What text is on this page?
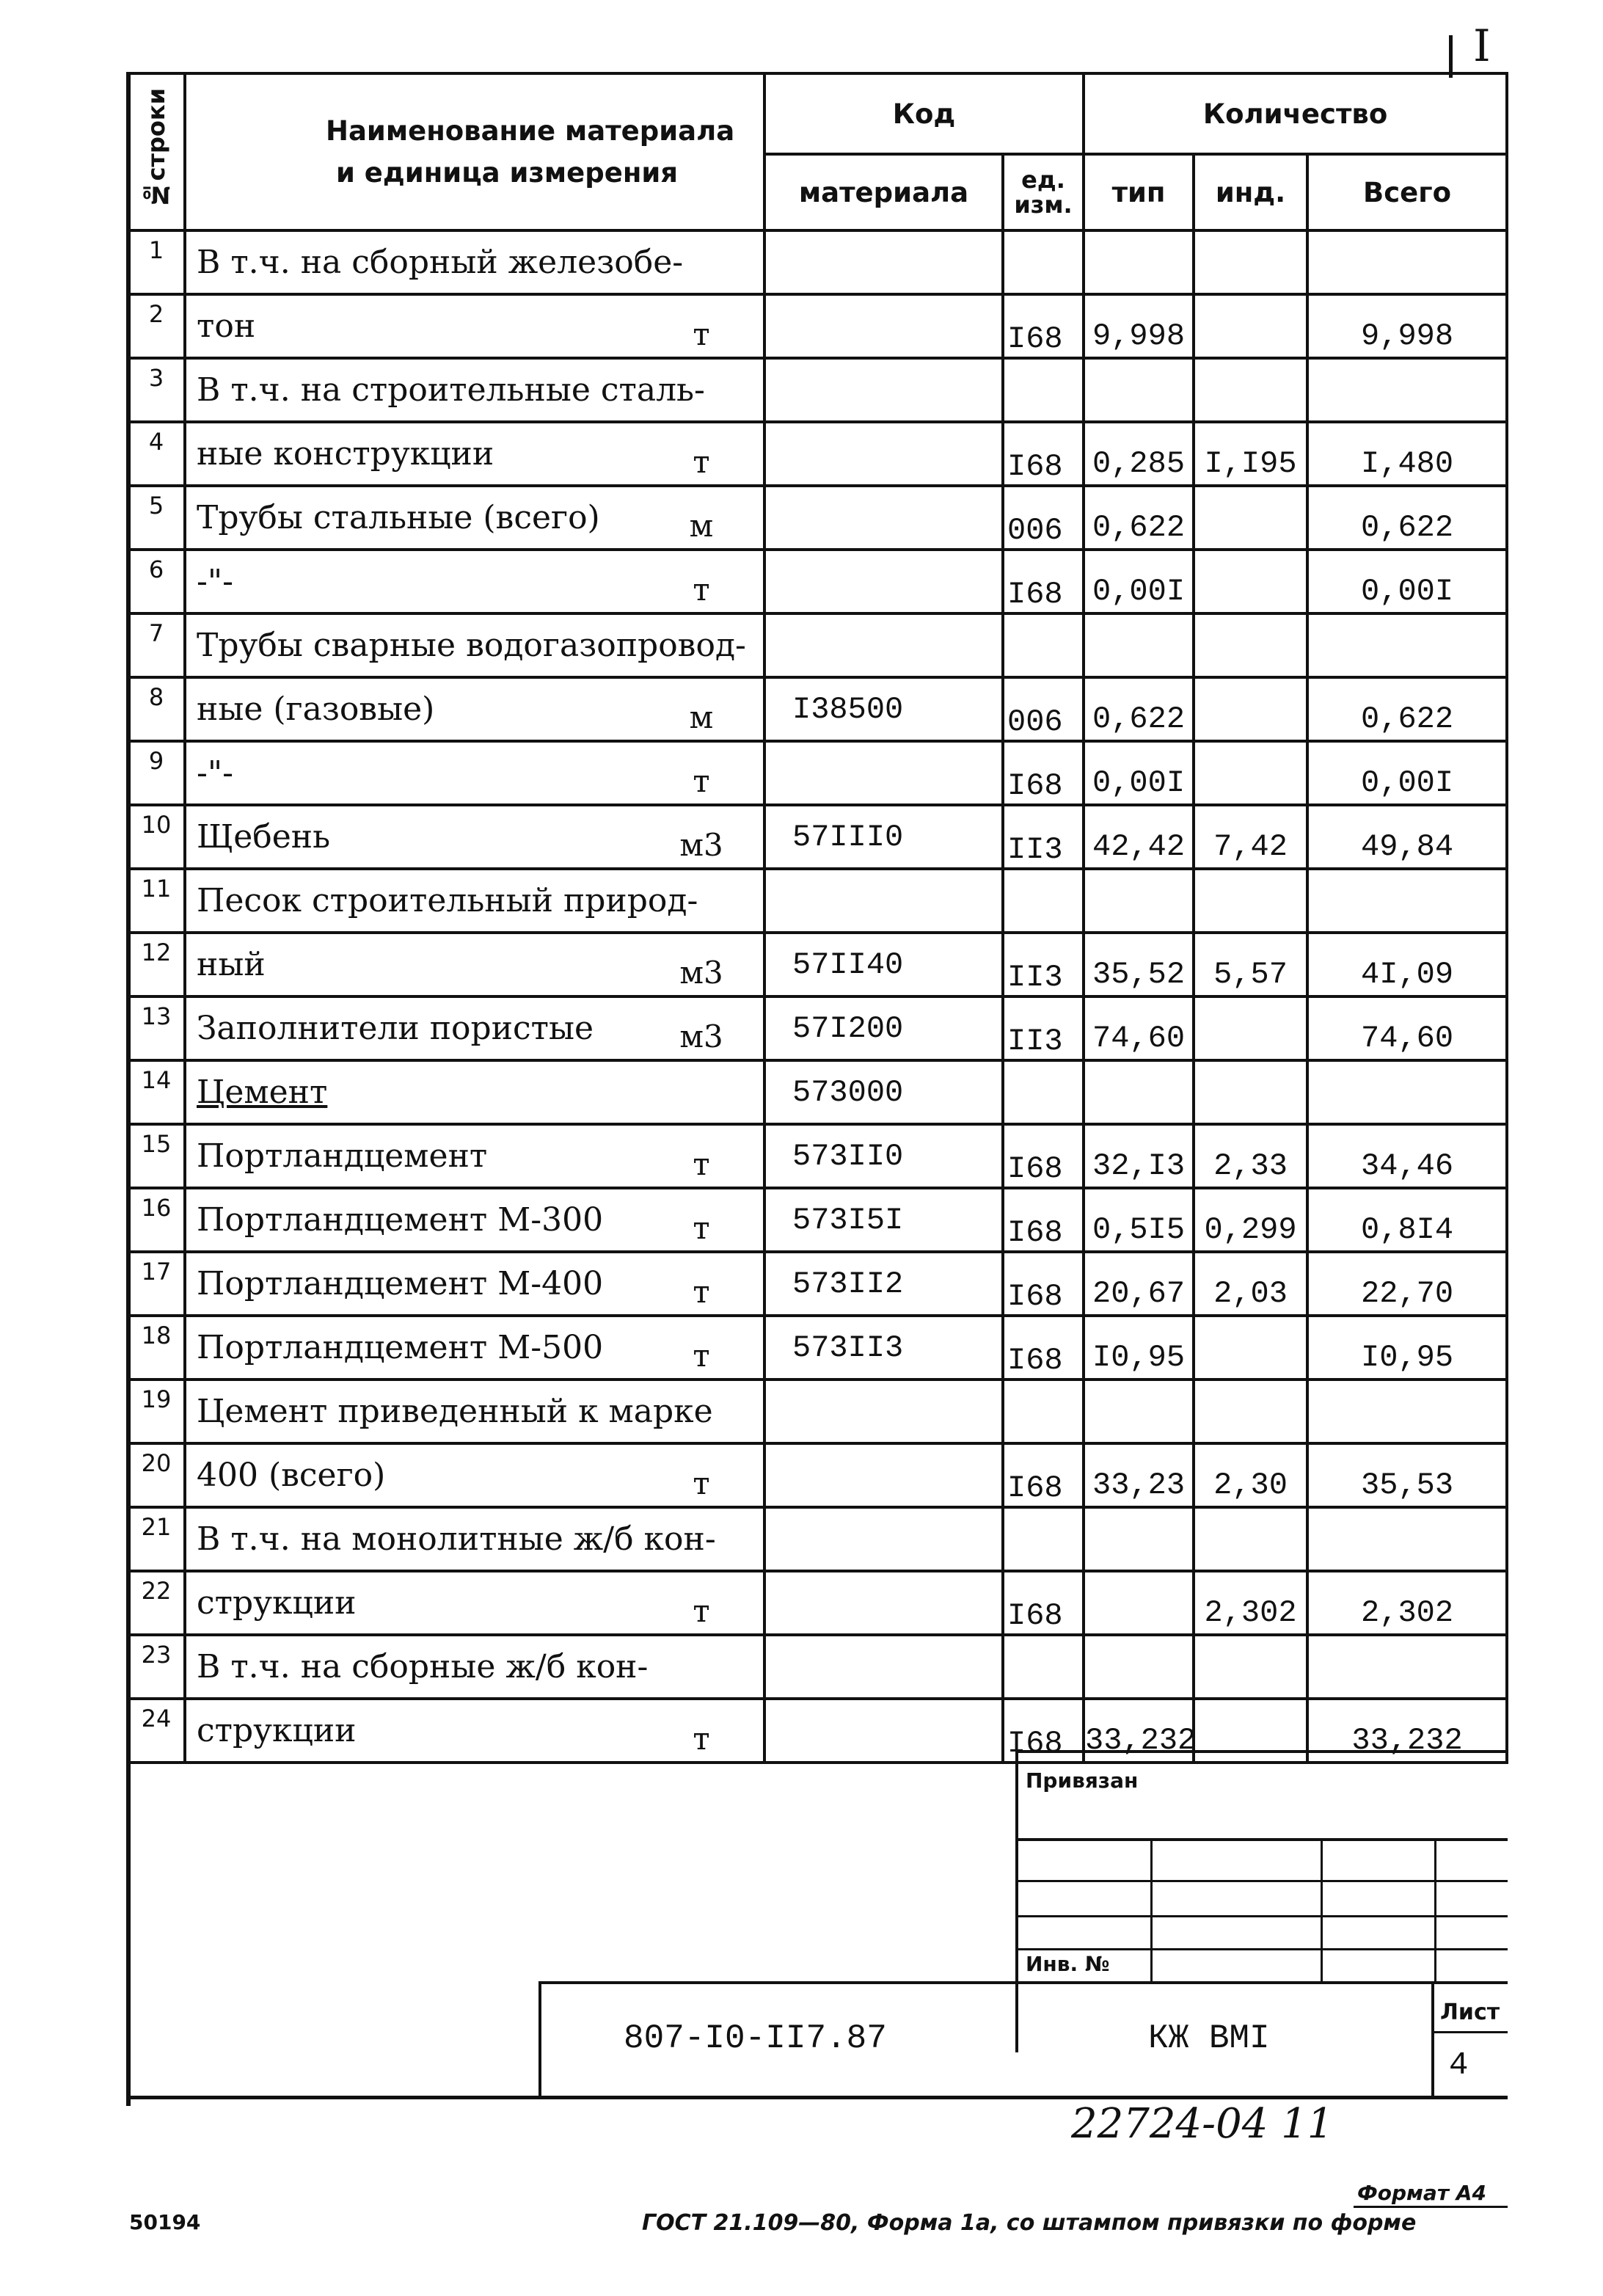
I
№строки	Наименование материала
и единица измерения		Код		Количество		
			материала	ед. изм.	тип	инд.	Всего
1	В т.ч. на сборный железобе-						
2	тон	т		I68	9,998		9,998
3	В т.ч. на строительные сталь-						
4	ные конструкции	т		I68	0,285	I,I95	I,480
5	Трубы стальные (всего)	м		006	0,622		0,622
6	-"-	т		I68	0,00I		0,00I
7	Трубы сварные водогазопровод-						
8	ные (газовые)	м	I38500	006	0,622		0,622
9	-"-	т		I68	0,00I		0,00I
10	Щебень	м3	57III0	II3	42,42	7,42	49,84
11	Песок строительный природ-						
12	ный	м3	57II40	II3	35,52	5,57	4I,09
13	Заполнители пористые	м3	57I200	II3	74,60		74,60
14	Цемент		573000				
15	Портландцемент	т	573II0	I68	32,I3	2,33	34,46
16	Портландцемент М-300	т	573I5I	I68	0,5I5	0,299	0,8I4
17	Портландцемент М-400	т	573II2	I68	20,67	2,03	22,70
18	Портландцемент М-500	т	573II3	I68	I0,95		I0,95
19	Цемент приведенный к марке						
20	400 (всего)	т		I68	33,23	2,30	35,53
21	В т.ч. на монолитные ж/б кон-						
22	струкции	т		I68		2,302	2,302
23	В т.ч. на сборные ж/б кон-						
24	струкции	т		I68	33,232		33,232
Привязан
Инв. №
807-I0-II7.87	КЖ ВМI
Лист
4
22724-04 11
Формат А4
ГОСТ 21.109—80, Форма 1а, со штампом привязки по форме
50194
